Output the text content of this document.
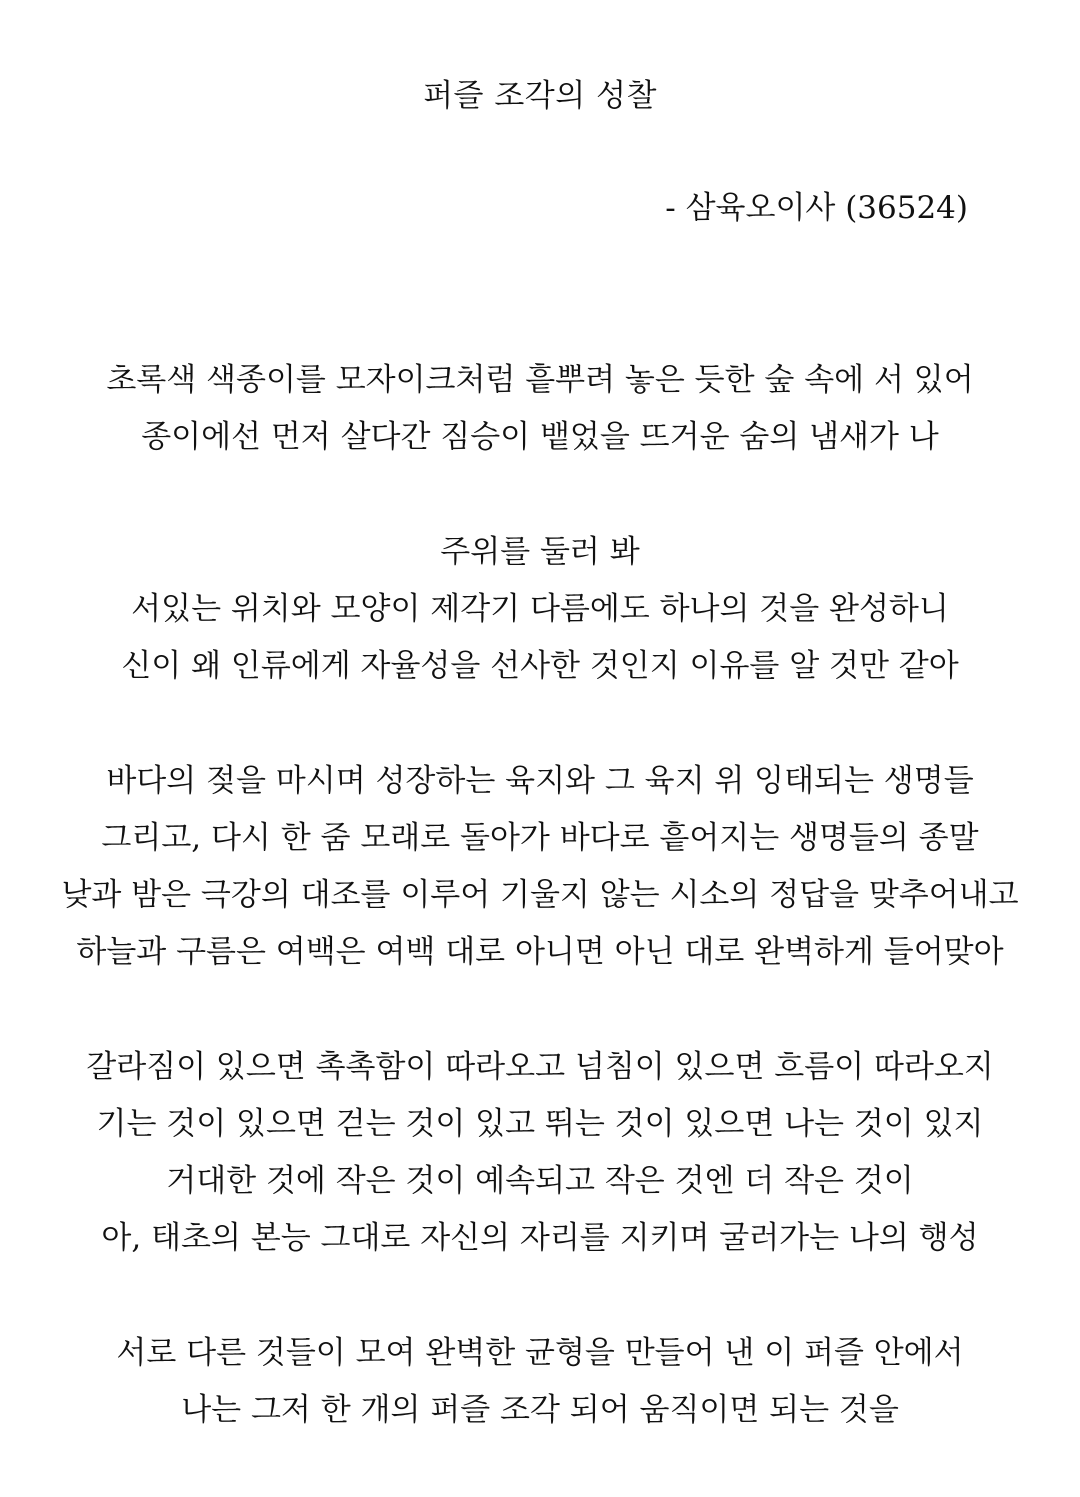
퍼즐 조각의 성찰
- 삼육오이사 (36524)
초록색 색종이를 모자이크처럼 흩뿌려 놓은 듯한 숲 속에 서 있어
종이에선 먼저 살다간 짐승이 뱉었을 뜨거운 숨의 냄새가 나
주위를 둘러 봐
서있는 위치와 모양이 제각기 다름에도 하나의 것을 완성하니
신이 왜 인류에게 자율성을 선사한 것인지 이유를 알 것만 같아
바다의 젖을 마시며 성장하는 육지와 그 육지 위 잉태되는 생명들
그리고, 다시 한 줌 모래로 돌아가 바다로 흩어지는 생명들의 종말
낮과 밤은 극강의 대조를 이루어 기울지 않는 시소의 정답을 맞추어내고
하늘과 구름은 여백은 여백 대로 아니면 아닌 대로 완벽하게 들어맞아
갈라짐이 있으면 촉촉함이 따라오고 넘침이 있으면 흐름이 따라오지
기는 것이 있으면 걷는 것이 있고 뛰는 것이 있으면 나는 것이 있지
거대한 것에 작은 것이 예속되고 작은 것엔 더 작은 것이
아, 태초의 본능 그대로 자신의 자리를 지키며 굴러가는 나의 행성
서로 다른 것들이 모여 완벽한 균형을 만들어 낸 이 퍼즐 안에서
나는 그저 한 개의 퍼즐 조각 되어 움직이면 되는 것을
